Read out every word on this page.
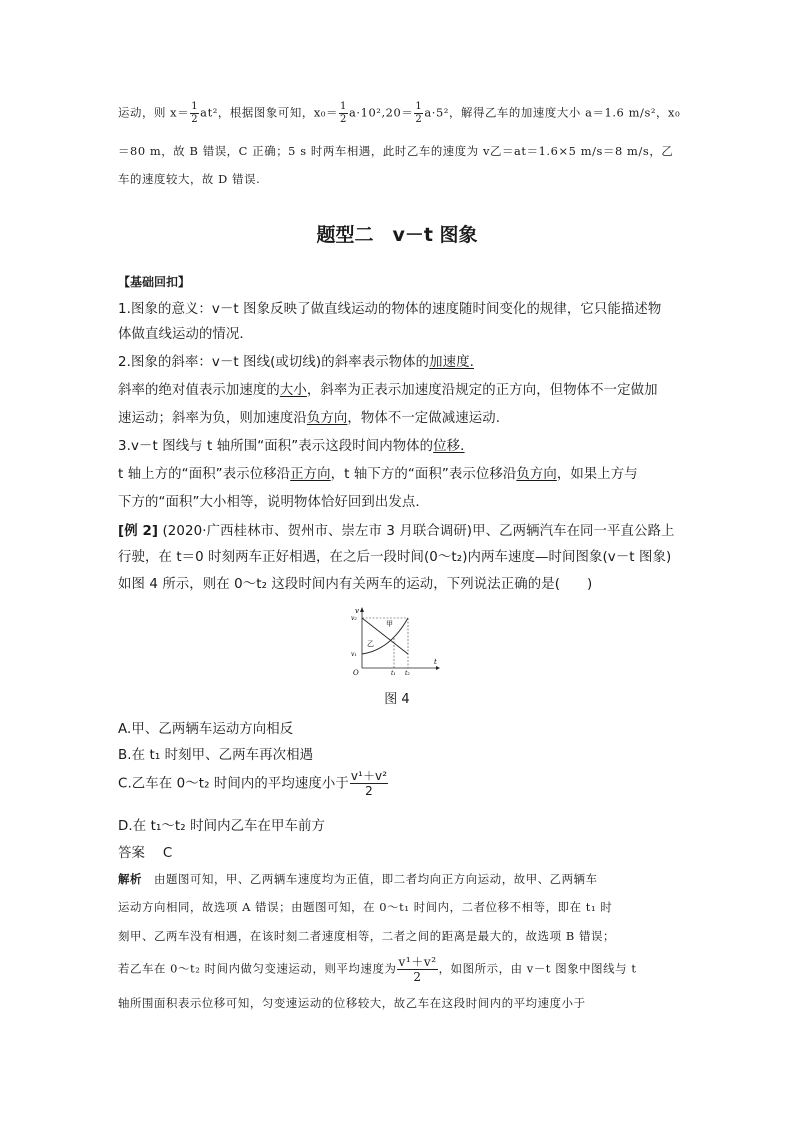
运动，则 $x= \frac{1}{2} at^2$，根据图象可知，$x_0= \frac{1}{2} a\cdot 10^2,20= \frac{1}{2} a\cdot 5^2$，解得乙车的加速度大小 a＝1.6 m/s²，x₀
＝80 m，故 B 错误，C 正确；5 s 时两车相遇，此时乙车的速度为 v乙＝at＝1.6×5 m/s＝8 m/s，乙
车的速度较大，故 D 错误.
题型二　v－t 图象
【基础回扣】
1.图象的意义：v－t 图象反映了做直线运动的物体的速度随时间变化的规律，它只能描述物
体做直线运动的情况.
2.图象的斜率：v－t 图线(或切线)的斜率表示物体的加速度.
斜率的绝对值表示加速度的大小，斜率为正表示加速度沿规定的正方向，但物体不一定做加
速运动；斜率为负，则加速度沿负方向，物体不一定做减速运动.
3.v－t 图线与 t 轴所围“面积”表示这段时间内物体的位移.
t 轴上方的“面积”表示位移沿正方向，t 轴下方的“面积”表示位移沿负方向，如果上方与
下方的“面积”大小相等，说明物体恰好回到出发点.
[例 2] (2020·广西桂林市、贺州市、崇左市 3 月联合调研)甲、乙两辆汽车在同一平直公路上
行驶，在 t＝0 时刻两车正好相遇，在之后一段时间(0～t₂)内两车速度—时间图象(v－t 图象)
如图 4 所示，则在 0～t₂ 这段时间内有关两车的运动，下列说法正确的是(　　)
v
t
O
v₂
v₁
t₁ t₂
甲
乙
图 4
A.甲、乙两辆车运动方向相反
B.在 t₁ 时刻甲、乙两车再次相遇
C.乙车在 0～t₂ 时间内的平均速度小于 $\frac{\text{v¹＋v²}}{2}$
D.在 t₁～t₂ 时间内乙车在甲车前方
答案　 C
解析　 由题图可知，甲、乙两辆车速度均为正值，即二者均向正方向运动，故甲、乙两辆车
运动方向相同，故选项 A 错误；由题图可知，在 0～t₁ 时间内，二者位移不相等，即在 t₁ 时
刻甲、乙两车没有相遇，在该时刻二者速度相等，二者之间的距离是最大的，故选项 B 错误；
若乙车在 0～t₂ 时间内做匀变速运动，则平均速度为 $\frac{\text{v¹＋v²}}{2}$ ，如图所示，由 v－t 图象中图线与 t
轴所围面积表示位移可知，匀变速运动的位移较大，故乙车在这段时间内的平均速度小于
